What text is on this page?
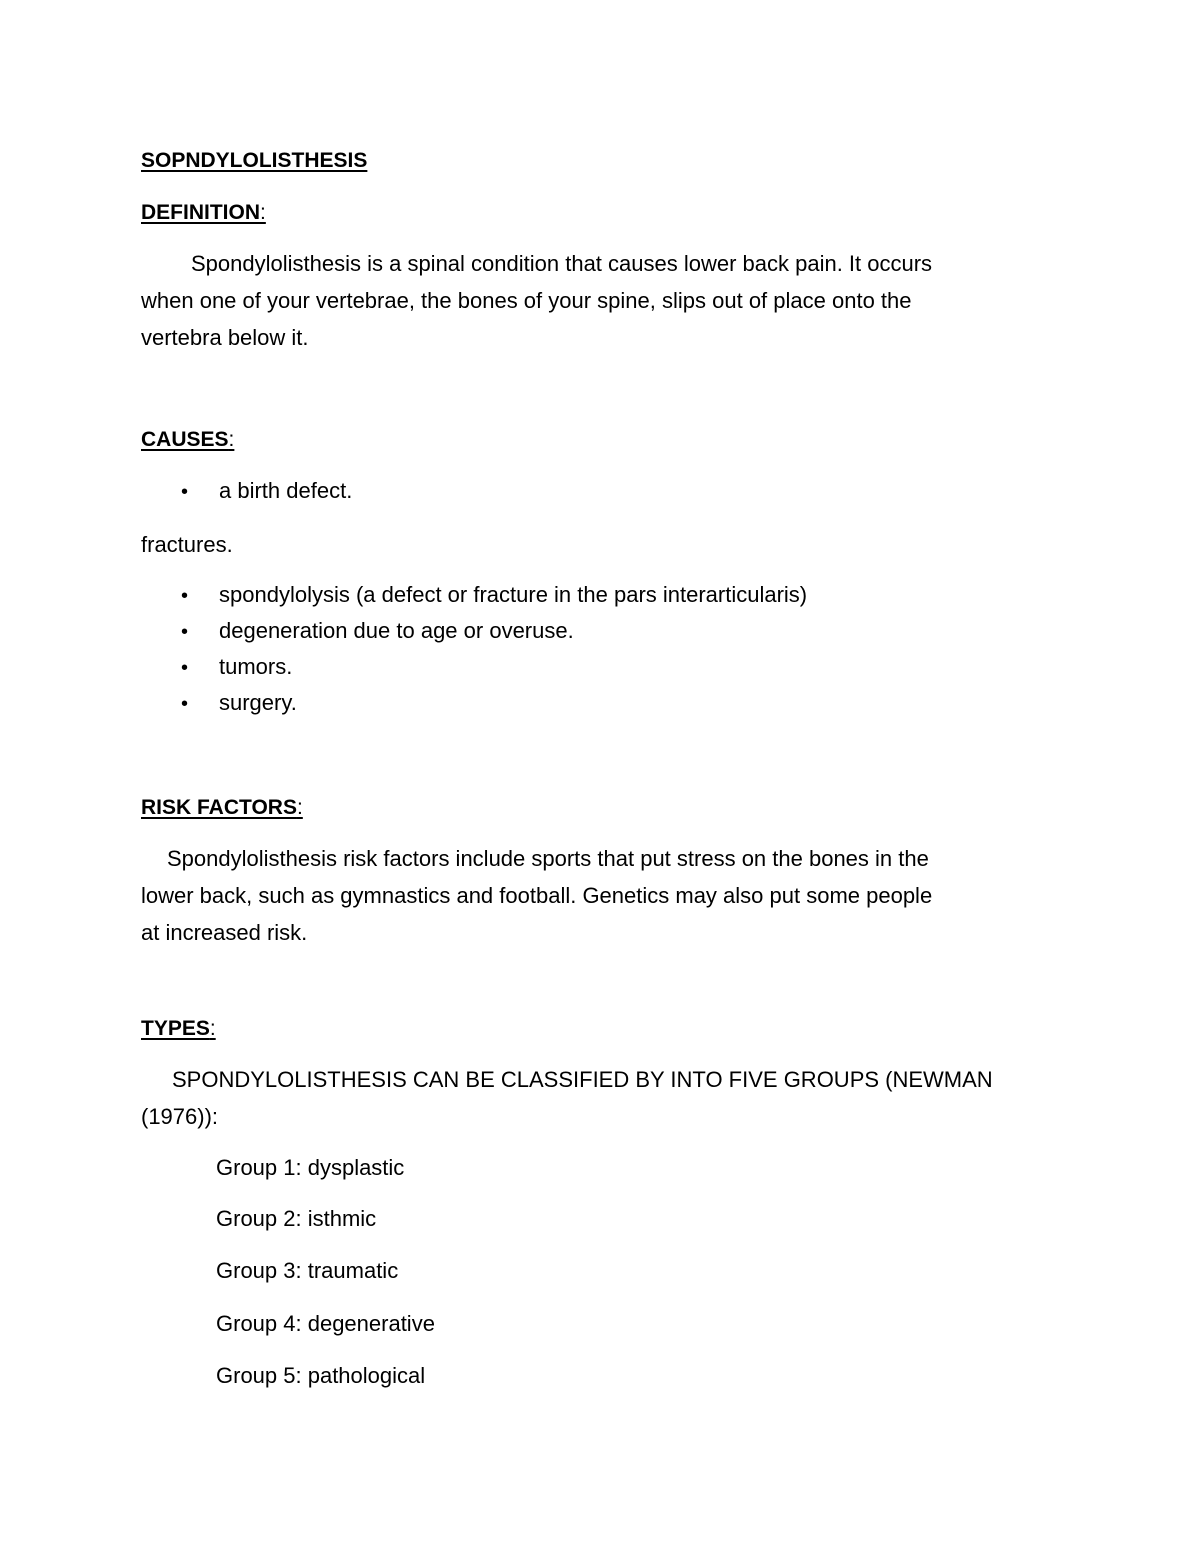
SOPNDYLOLISTHESIS
DEFINITION:
Spondylolisthesis is a spinal condition that causes lower back pain. It occurs
when one of your vertebrae, the bones of your spine, slips out of place onto the
vertebra below it.
CAUSES:
• a birth defect.
fractures.
• spondylolysis (a defect or fracture in the pars interarticularis)
• degeneration due to age or overuse.
• tumors.
• surgery.
RISK FACTORS:
Spondylolisthesis risk factors include sports that put stress on the bones in the
lower back, such as gymnastics and football. Genetics may also put some people
at increased risk.
TYPES:
SPONDYLOLISTHESIS CAN BE CLASSIFIED BY INTO FIVE GROUPS (NEWMAN
(1976)):
Group 1: dysplastic
Group 2: isthmic
Group 3: traumatic
Group 4: degenerative
Group 5: pathological
